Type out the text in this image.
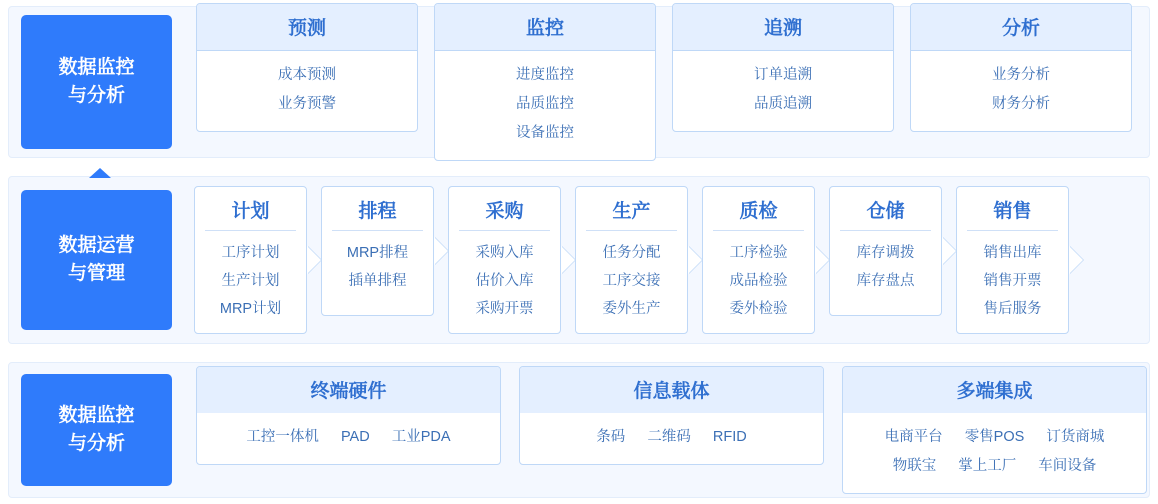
数据监控
与分析
预测
成本预测
业务预警
监控
进度监控
品质监控
设备监控
追溯
订单追溯
品质追溯
分析
业务分析
财务分析
数据运营
与管理
计划
工序计划
生产计划
MRP计划
排程
MRP排程
插单排程
采购
采购入库
估价入库
采购开票
生产
任务分配
工序交接
委外生产
质检
工序检验
成品检验
委外检验
仓储
库存调拨
库存盘点
销售
销售出库
销售开票
售后服务
数据监控
与分析
终端硬件
工控一体机 PAD 工业PDA
信息载体
条码 二维码 RFID
多端集成
电商平台 零售POS 订货商城
物联宝 掌上工厂 车间设备
